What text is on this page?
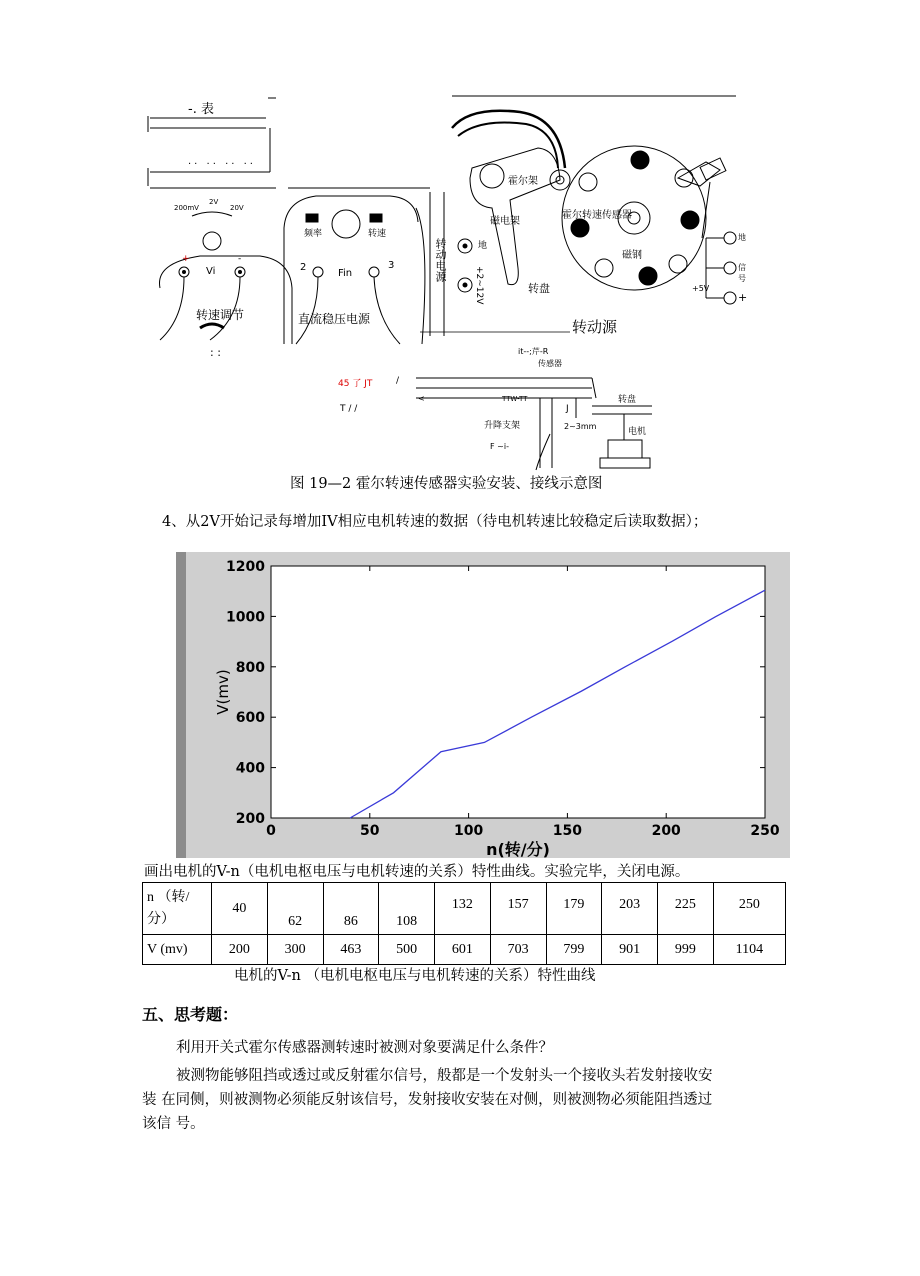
-. 表
.. .. .. ..
200mV
2V
20V
+
Vi
-
转速调节
频率	转速
2
Fin
3
直流稳压电源
: :
转动电源
+2~12V
地
霍尔架
磁电架
霍尔转速传感器
磁钢
转盘
转动源
+5V
信号
地
+
it--;芹-R
传感器
45 了 JT	/
T / /
<	TTW-TT
J
转盘
升降支架	2~3mm
电机
F ~i-
图 19—2 霍尔转速传感器实验安装、接线示意图
4、从2V开始记录每增加IV相应电机转速的数据（待电机转速比较稳定后读取数据）；
0	50	100	150	200	250
200
400
600
800
1000
1200
n(转/分)
V(mv)
画出电机的V-n（电机电枢电压与电机转速的关系）特性曲线。实验完毕，关闭电源。
n （转/
分）	40	62	86	108	132	157	179	203	225	250
V (mv)	200	300	463	500	601	703	799	901	999	1104
电机的V-n （电机电枢电压与电机转速的关系）特性曲线
五、思考题：
利用开关式霍尔传感器测转速时被测对象要满足什么条件？
被测物能够阻挡或透过或反射霍尔信号，般都是一个发射头一个接收头若发射接收安
装 在同侧，则被测物必须能反射该信号，发射接收安装在对侧，则被测物必须能阻挡透过
该信 号。
